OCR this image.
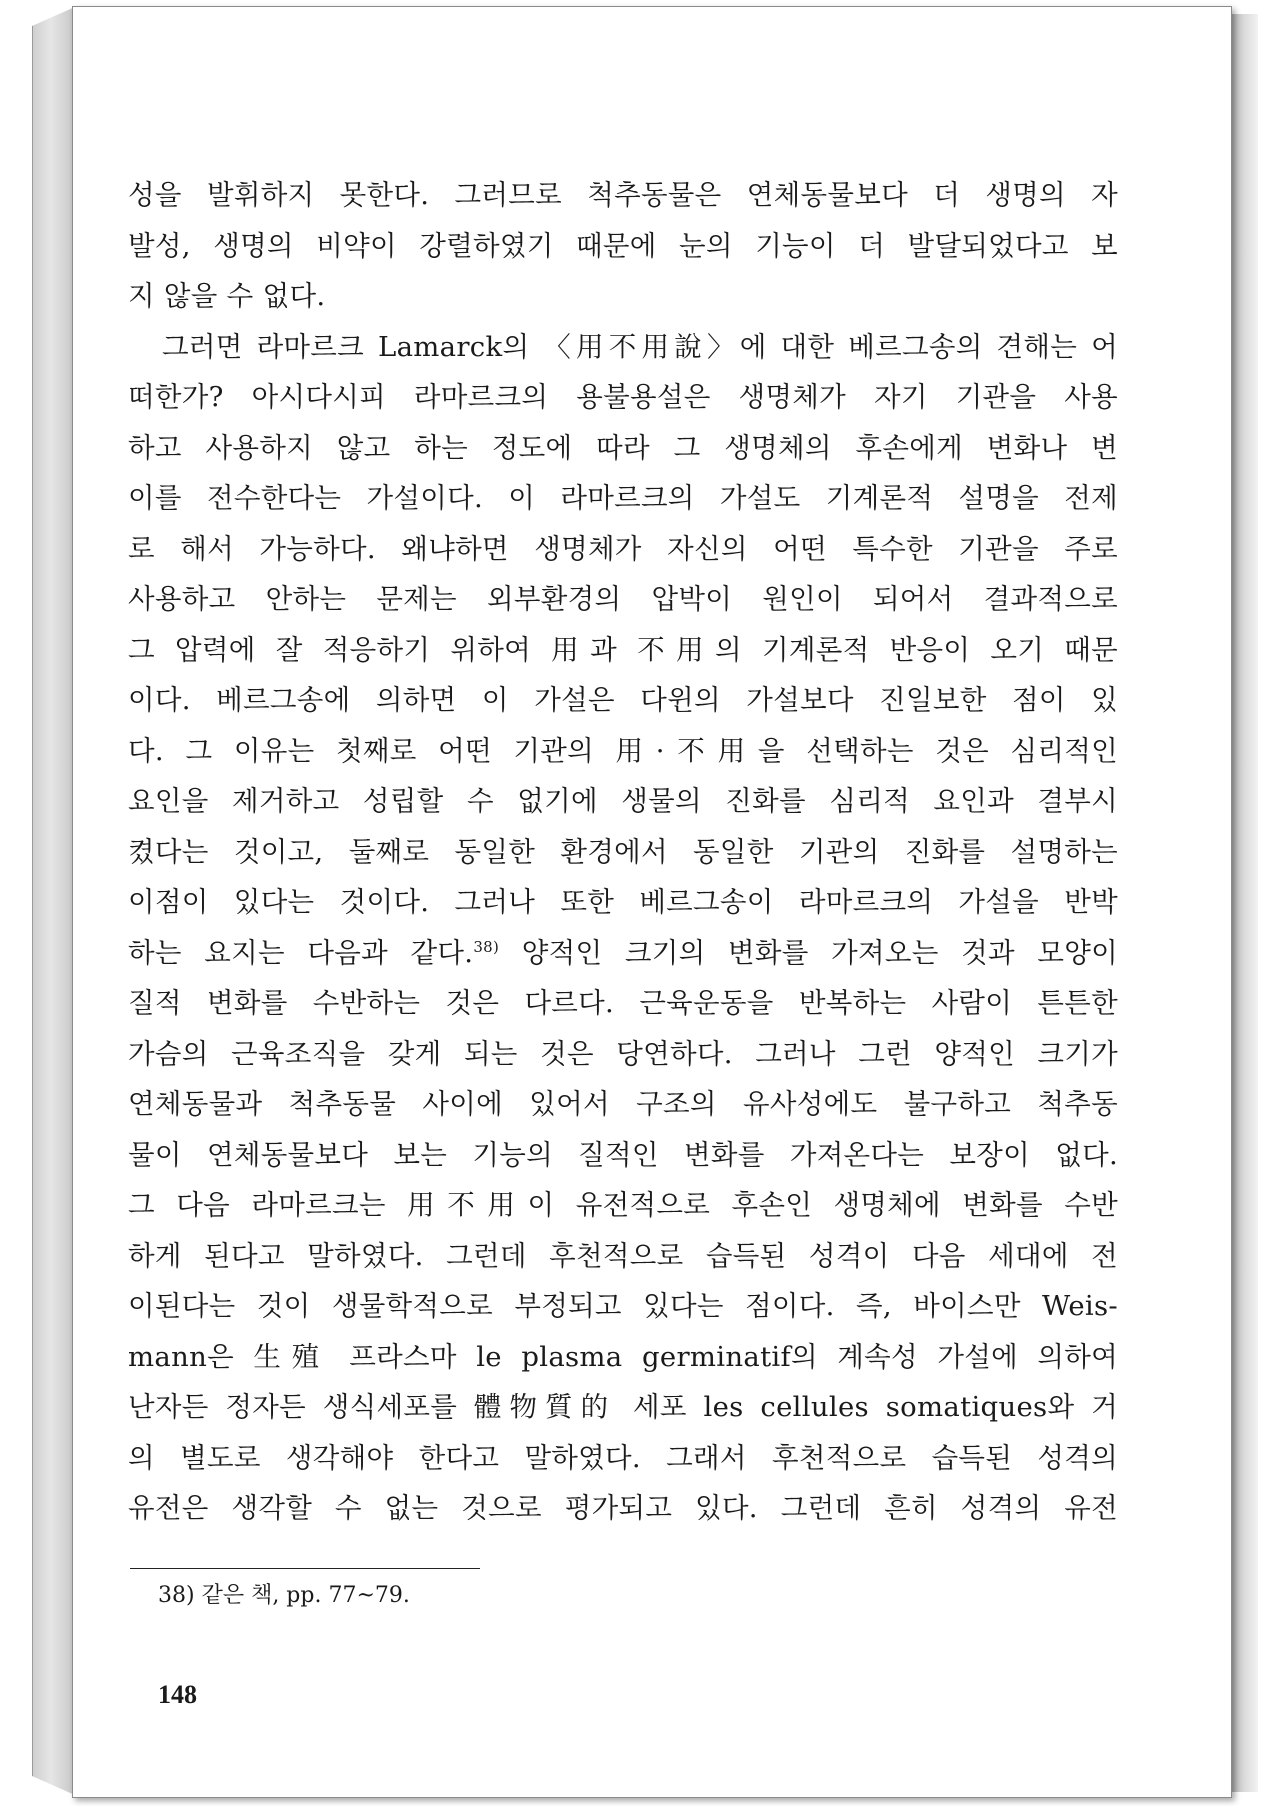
성을 발휘하지 못한다. 그러므로 척추동물은 연체동물보다 더 생명의 자

발성, 생명의 비약이 강렬하였기 때문에 눈의 기능이 더 발달되었다고 보

지 않을 수 없다.

그러면 라마르크 Lamarck의 〈用不用說〉에 대한 베르그송의 견해는 어

떠한가? 아시다시피 라마르크의 용불용설은 생명체가 자기 기관을 사용

하고 사용하지 않고 하는 정도에 따라 그 생명체의 후손에게 변화나 변

이를 전수한다는 가설이다. 이 라마르크의 가설도 기계론적 설명을 전제

로 해서 가능하다. 왜냐하면 생명체가 자신의 어떤 특수한 기관을 주로

사용하고 안하는 문제는 외부환경의 압박이 원인이 되어서 결과적으로

그 압력에 잘 적응하기 위하여 用과 不用의 기계론적 반응이 오기 때문

이다. 베르그송에 의하면 이 가설은 다윈의 가설보다 진일보한 점이 있

다. 그 이유는 첫째로 어떤 기관의 用·不用을 선택하는 것은 심리적인

요인을 제거하고 성립할 수 없기에 생물의 진화를 심리적 요인과 결부시

켰다는 것이고, 둘째로 동일한 환경에서 동일한 기관의 진화를 설명하는

이점이 있다는 것이다. 그러나 또한 베르그송이 라마르크의 가설을 반박

하는 요지는 다음과 같다.$^{38)}$ 양적인 크기의 변화를 가져오는 것과 모양이

질적 변화를 수반하는 것은 다르다. 근육운동을 반복하는 사람이 튼튼한

가슴의 근육조직을 갖게 되는 것은 당연하다. 그러나 그런 양적인 크기가

연체동물과 척추동물 사이에 있어서 구조의 유사성에도 불구하고 척추동

물이 연체동물보다 보는 기능의 질적인 변화를 가져온다는 보장이 없다.

그 다음 라마르크는 用不用이 유전적으로 후손인 생명체에 변화를 수반

하게 된다고 말하였다. 그런데 후천적으로 습득된 성격이 다음 세대에 전

이된다는 것이 생물학적으로 부정되고 있다는 점이다. 즉, 바이스만 Weis-

mann은 生殖 프라스마 le plasma germinatif의 계속성 가설에 의하여

난자든 정자든 생식세포를 體物質的 세포 les cellules somatiques와 거

의 별도로 생각해야 한다고 말하였다. 그래서 후천적으로 습득된 성격의

유전은 생각할 수 없는 것으로 평가되고 있다. 그런데 흔히 성격의 유전

38) 같은 책, pp. 77~79.

148
